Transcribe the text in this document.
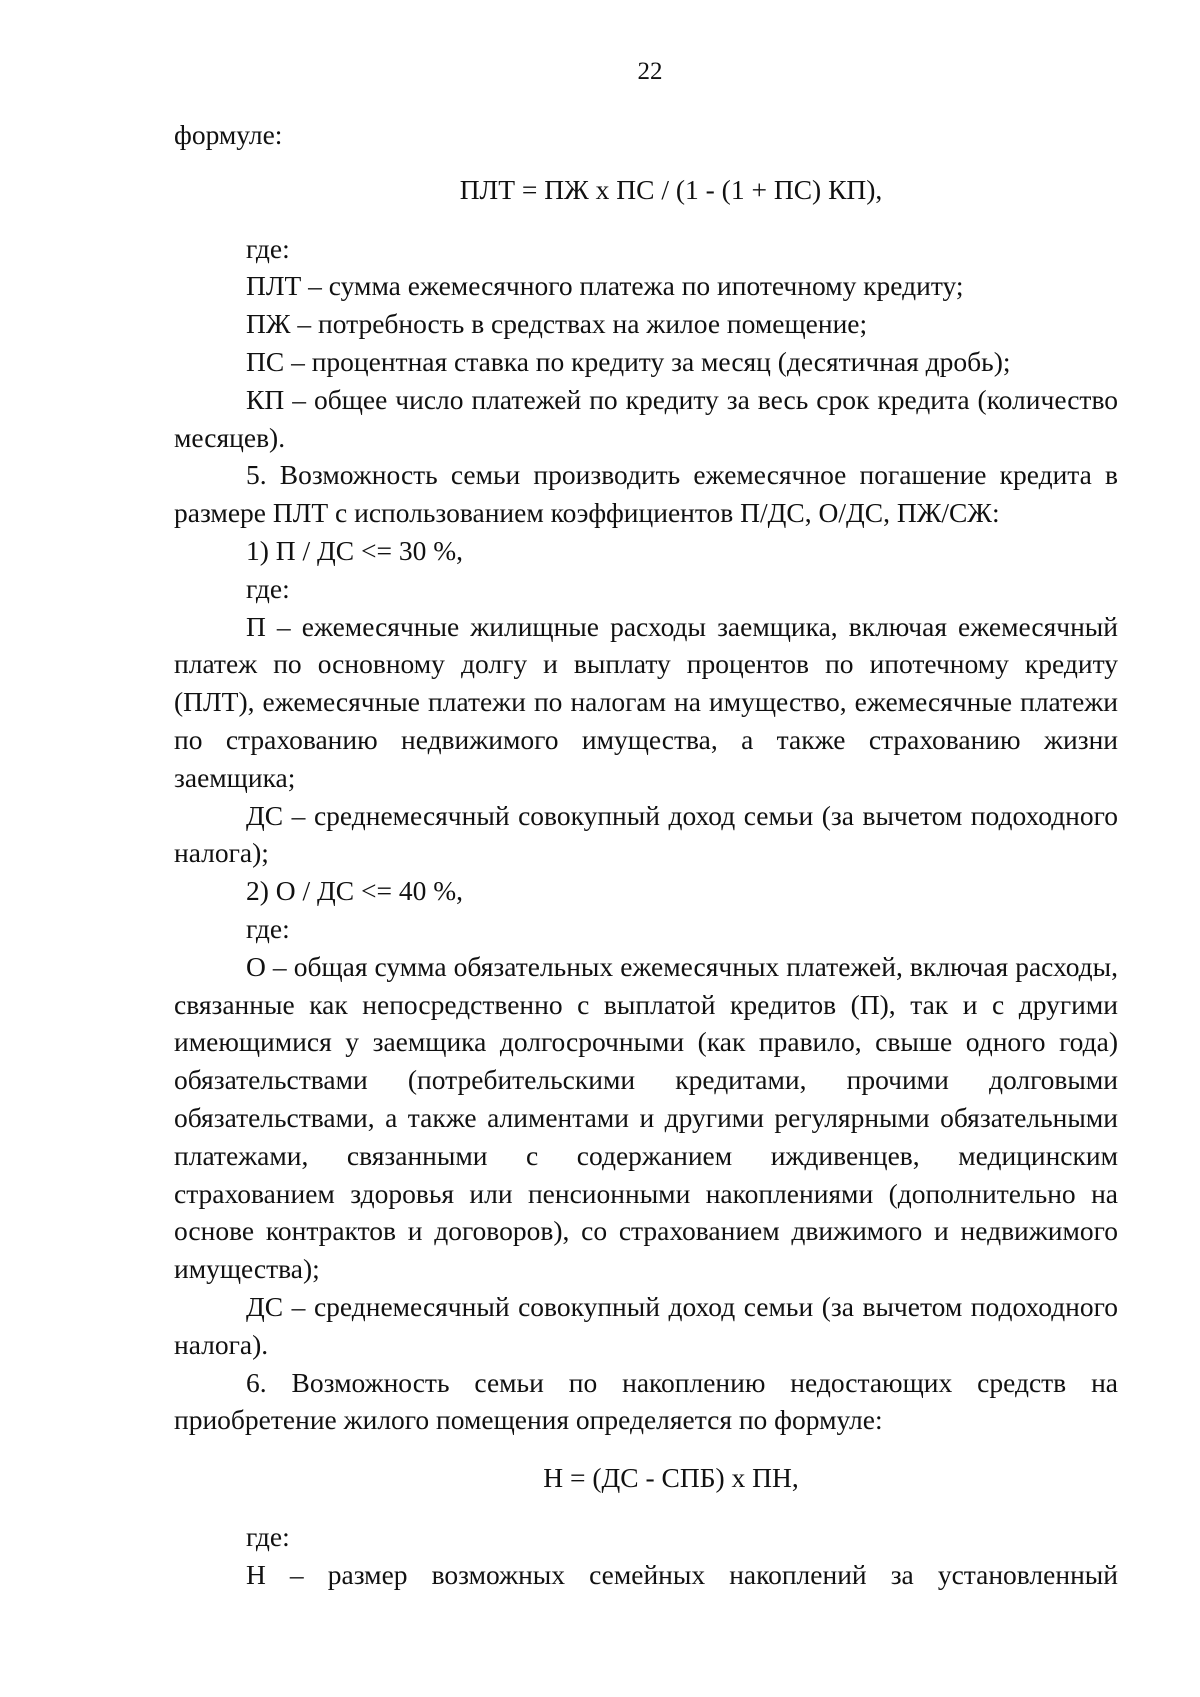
22

формуле:

ПЛТ = ПЖ х ПС / (1 - (1 + ПС) КП),

где:

ПЛТ – сумма ежемесячного платежа по ипотечному кредиту;

ПЖ – потребность в средствах на жилое помещение;

ПС – процентная ставка по кредиту за месяц (десятичная дробь);

КП – общее число платежей по кредиту за весь срок кредита (количество месяцев).

5. Возможность семьи производить ежемесячное погашение кредита в размере ПЛТ с использованием коэффициентов П/ДС, О/ДС, ПЖ/СЖ:

1) П / ДС <= 30 %,

где:

П – ежемесячные жилищные расходы заемщика, включая ежемесячный платеж по основному долгу и выплату процентов по ипотечному кредиту (ПЛТ), ежемесячные платежи по налогам на имущество, ежемесячные платежи по страхованию недвижимого имущества, а также страхованию жизни заемщика;

ДС – среднемесячный совокупный доход семьи (за вычетом подоходного налога);

2) О / ДС <= 40 %,

где:

О – общая сумма обязательных ежемесячных платежей, включая расходы, связанные как непосредственно с выплатой кредитов (П), так и с другими имеющимися у заемщика долгосрочными (как правило, свыше одного года) обязательствами (потребительскими кредитами, прочими долговыми обязательствами, а также алиментами и другими регулярными обязательными платежами, связанными с содержанием иждивенцев, медицинским страхованием здоровья или пенсионными накоплениями (дополнительно на основе контрактов и договоров), со страхованием движимого и недвижимого имущества);

ДС – среднемесячный совокупный доход семьи (за вычетом подоходного налога).

6. Возможность семьи по накоплению недостающих средств на приобретение жилого помещения определяется по формуле:

Н = (ДС - СПБ) х ПН,

где:

Н – размер возможных семейных накоплений за установленный
